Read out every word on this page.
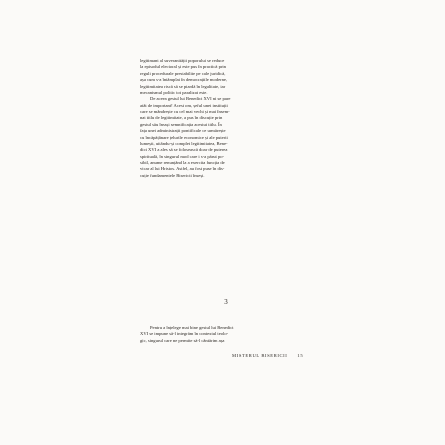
legitimant al suveranității poporului se reduce
la episodul electoral și este pus în practică prin
reguli procedurale prestabilite pe cale juridică,
așa cum s-a întâmplat în democrațiile moderne,
legitimitatea riscă să se piardă în legalitate, iar
mecanismul politic tot paralizat este.
De aceea gestul lui Benedict XVI ni se pare
atât de important! Acest om, șeful unei instituții
care se mândrește cu cel mai vechi și mai însem-
nat titlu de legitimitate, a pus în discuție prin
gestul său înssși semnificația acestui titlu. În
fața unei administrații pontificale ce urmărește
cu încăpățânare țelurile economice și ale puterii
lumești, uitându-și complet legitimitatea, Bene-
dict XVI a ales să se folosească doar de puterea
spirituală, în singurul mod care i s-a părut po-
sibil, anume renunțând la a exercita funcția de
vicar al lui Hristos. Astfel, au fost puse în dis-
cuție fundamentele Bisericii înseși.
3
Pentru a înțelege mai bine gestul lui Benedict
XVI se impune să-l integrăm în contextul teolo-
gic, singurul care ne permite să-l cântărim așa
MISTERUL BISERICII 15
